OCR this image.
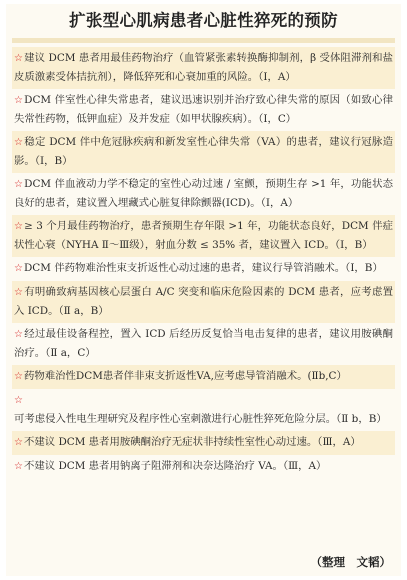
扩张型心肌病患者心脏性猝死的预防
☆建议 DCM 患者用最佳药物治疗（血管紧张素转换酶抑制剂，β 受体阻滞剂和盐皮质激素受体拮抗剂），降低猝死和心衰加重的风险。（Ⅰ，A）
☆DCM 伴室性心律失常患者，建议迅速识别并治疗致心律失常的原因（如致心律失常性药物，低钾血症）及并发症（如甲状腺疾病）。（Ⅰ，C）
☆稳定 DCM 伴中危冠脉疾病和新发室性心律失常（VA）的患者，建议行冠脉造影。（Ⅰ，B）
☆DCM 伴血液动力学不稳定的室性心动过速 / 室颤，预期生存 >1 年，功能状态良好的患者，建议置入埋藏式心脏复律除颤器(ICD)。（Ⅰ，A）
☆≥ 3 个月最佳药物治疗，患者预期生存年限 >1 年，功能状态良好，DCM 伴症状性心衰（NYHA Ⅱ～Ⅲ级），射血分数 ≤ 35% 者，建议置入 ICD。（Ⅰ，B）
☆DCM 伴药物难治性束支折返性心动过速的患者，建议行导管消融术。（Ⅰ，B）
☆有明确致病基因核心层蛋白 A/C 突变和临床危险因素的 DCM 患者，应考虑置入 ICD。（Ⅱ a，B）
☆经过最佳设备程控，置入 ICD 后经历反复恰当电击复律的患者，建议用胺碘酮治疗。（Ⅱ a，C）
☆药物难治性DCM患者伴非束支折返性VA,应考虑导管消融术。(Ⅱb,C）
☆可考虑侵入性电生理研究及程序性心室刺激进行心脏性猝死危险分层。（Ⅱ b，B）
☆不建议 DCM 患者用胺碘酮治疗无症状非持续性室性心动过速。（Ⅲ，A）
☆不建议 DCM 患者用钠离子阻滞剂和决奈达隆治疗 VA。（Ⅲ，A）
（整理　文韬）
